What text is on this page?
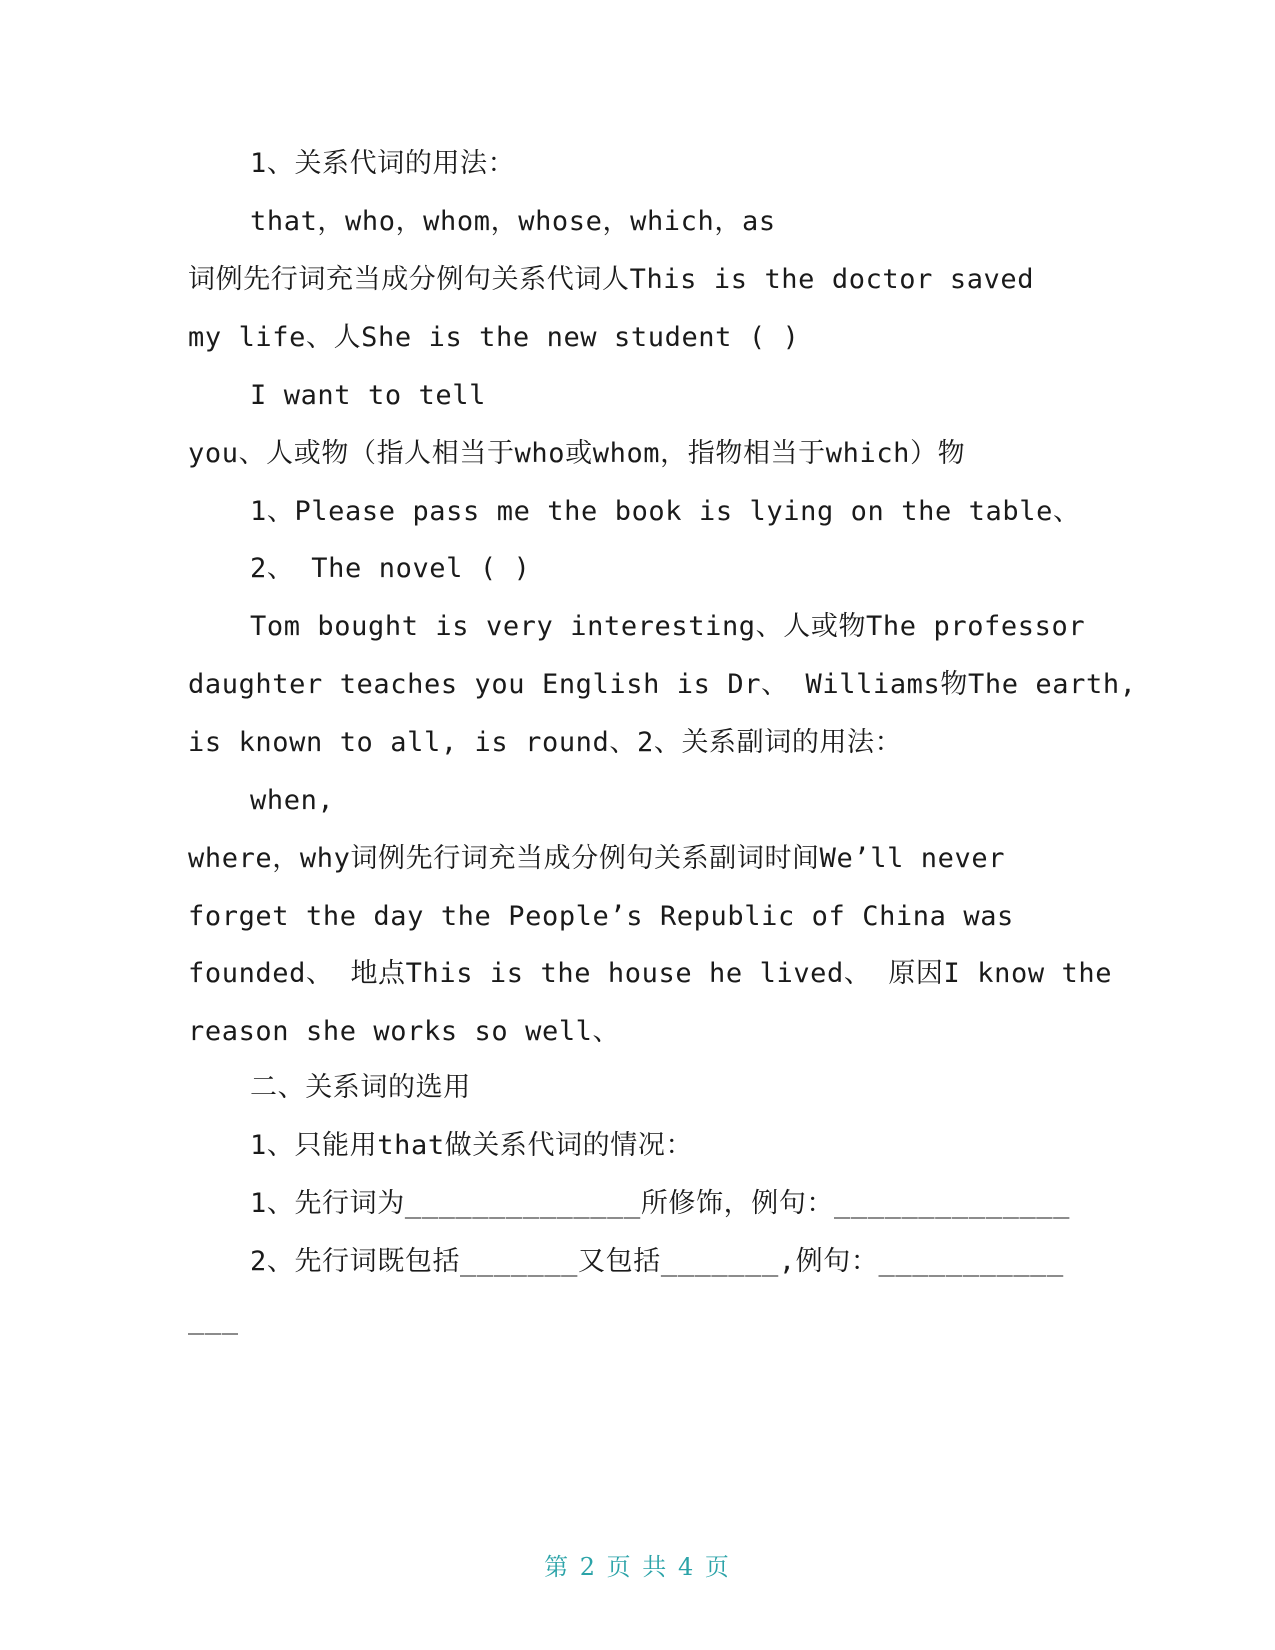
1、关系代词的用法：
that，who，whom，whose，which，as
词例先行词充当成分例句关系代词人This is the doctor saved
my life、人She is the new student ( )
I want to tell
you、人或物（指人相当于who或whom，指物相当于which）物
1、Please pass me the book is lying on the table、
2、 The novel ( )
Tom bought is very interesting、人或物The professor
daughter teaches you English is Dr、 Williams物The earth,
is known to all, is round、2、关系副词的用法：
when,
where，why词例先行词充当成分例句关系副词时间We’ll never
forget the day the People’s Republic of China was
founded、 地点This is the house he lived、 原因I know the
reason she works so well、
二、关系词的选用
1、只能用that做关系代词的情况：
1、先行词为______________所修饰，例句：______________
2、先行词既包括_______又包括_______,例句：___________
___
第 2 页 共 4 页
